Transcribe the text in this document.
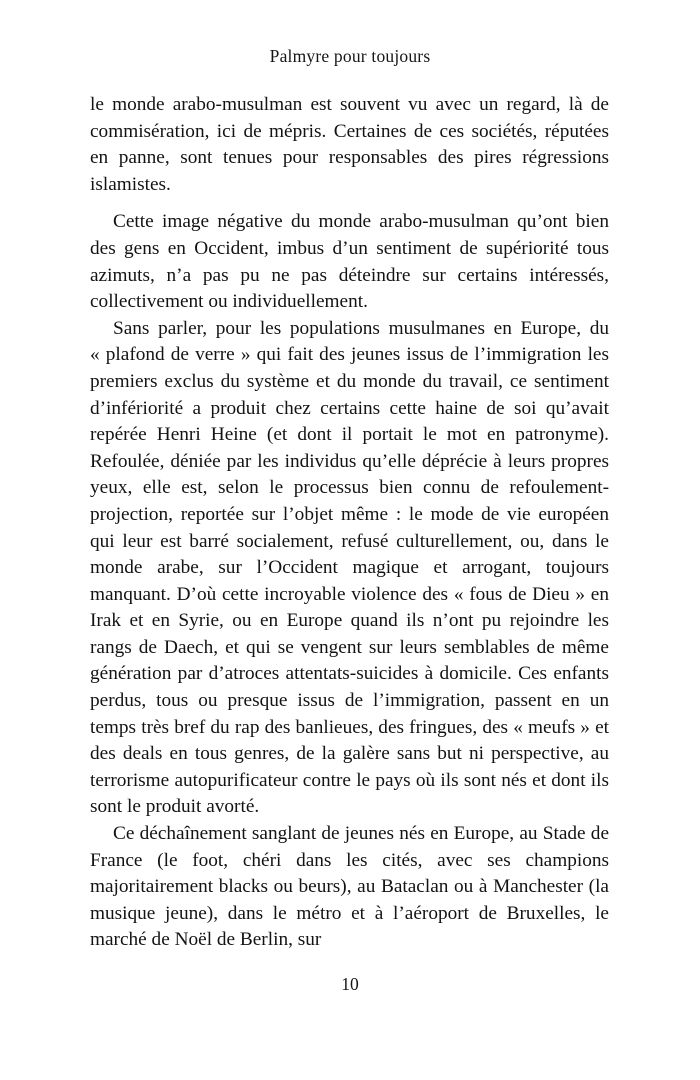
Palmyre pour toujours

le monde arabo-musulman est souvent vu avec un regard, là de commisération, ici de mépris. Certaines de ces sociétés, réputées en panne, sont tenues pour responsables des pires régressions islamistes.

Cette image négative du monde arabo-musulman qu’ont bien des gens en Occident, imbus d’un sentiment de supériorité tous azimuts, n’a pas pu ne pas déteindre sur certains intéressés, collectivement ou individuellement.

Sans parler, pour les populations musulmanes en Europe, du « plafond de verre » qui fait des jeunes issus de l’immigration les premiers exclus du système et du monde du travail, ce sentiment d’infériorité a produit chez certains cette haine de soi qu’avait repérée Henri Heine (et dont il portait le mot en patronyme). Refoulée, déniée par les individus qu’elle déprécie à leurs propres yeux, elle est, selon le processus bien connu de refoulement-projection, reportée sur l’objet même : le mode de vie européen qui leur est barré socialement, refusé culturellement, ou, dans le monde arabe, sur l’Occident magique et arrogant, toujours manquant. D’où cette incroyable violence des « fous de Dieu » en Irak et en Syrie, ou en Europe quand ils n’ont pu rejoindre les rangs de Daech, et qui se vengent sur leurs semblables de même génération par d’atroces attentats-suicides à domicile. Ces enfants perdus, tous ou presque issus de l’immigration, passent en un temps très bref du rap des banlieues, des fringues, des « meufs » et des deals en tous genres, de la galère sans but ni perspective, au terrorisme autopurificateur contre le pays où ils sont nés et dont ils sont le produit avorté.

Ce déchaînement sanglant de jeunes nés en Europe, au Stade de France (le foot, chéri dans les cités, avec ses champions majoritairement blacks ou beurs), au Bataclan ou à Manchester (la musique jeune), dans le métro et à l’aéroport de Bruxelles, le marché de Noël de Berlin, sur

10
